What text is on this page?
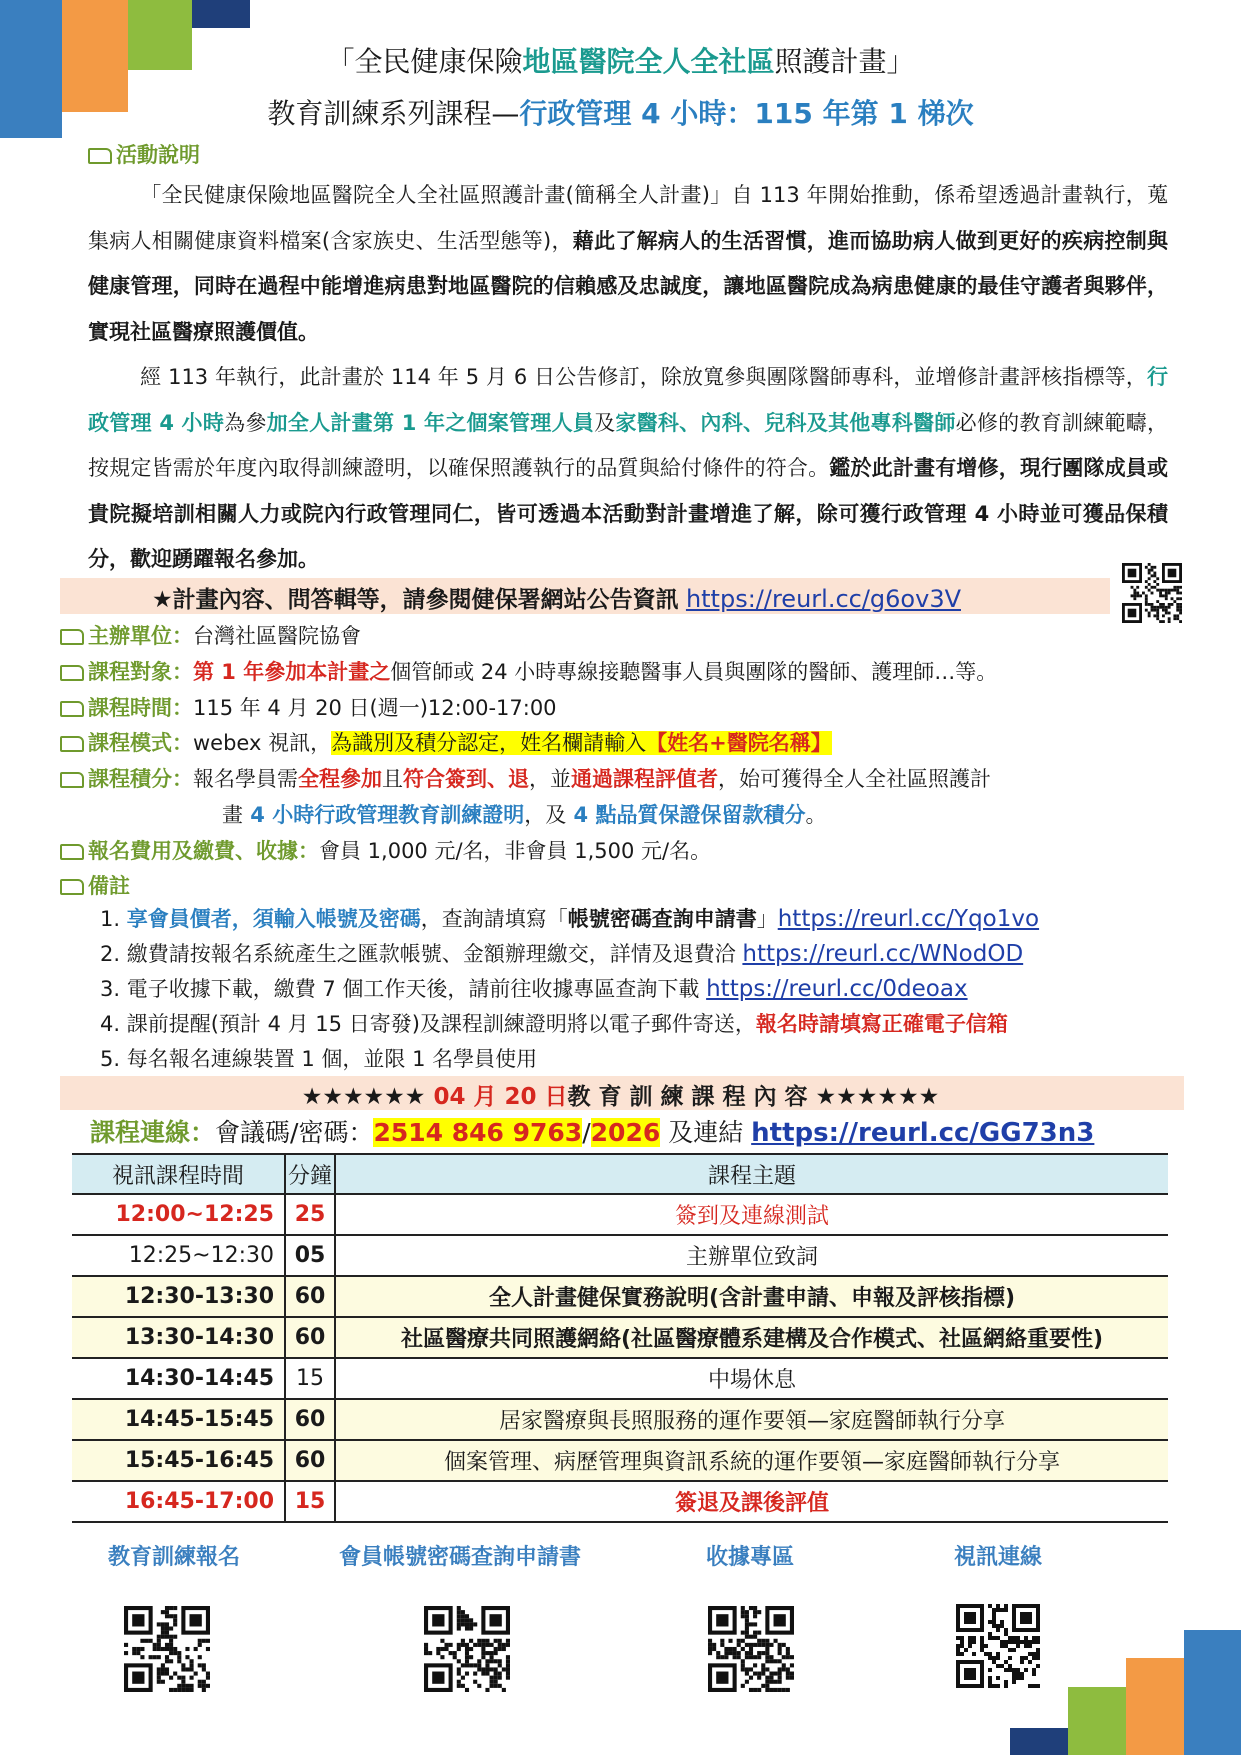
「全民健康保險地區醫院全人全社區照護計畫」
教育訓練系列課程—行政管理 4 小時：115 年第 1 梯次
活動說明
「全民健康保險地區醫院全人全社區照護計畫(簡稱全人計畫)」自 113 年開始推動，係希望透過計畫執行，蒐集病人相關健康資料檔案(含家族史、生活型態等)，藉此了解病人的生活習慣，進而協助病人做到更好的疾病控制與健康管理，同時在過程中能增進病患對地區醫院的信賴感及忠誠度，讓地區醫院成為病患健康的最佳守護者與夥伴，實現社區醫療照護價值。
經 113 年執行，此計畫於 114 年 5 月 6 日公告修訂，除放寬參與團隊醫師專科，並增修計畫評核指標等，行政管理 4 小時為參加全人計畫第 1 年之個案管理人員及家醫科、內科、兒科及其他專科醫師必修的教育訓練範疇，按規定皆需於年度內取得訓練證明，以確保照護執行的品質與給付條件的符合。鑑於此計畫有增修，現行團隊成員或貴院擬培訓相關人力或院內行政管理同仁，皆可透過本活動對計畫增進了解，除可獲行政管理 4 小時並可獲品保積分，歡迎踴躍報名參加。
★計畫內容、問答輯等，請參閱健保署網站公告資訊 https://reurl.cc/g6ov3V
主辦單位：台灣社區醫院協會
課程對象：第 1 年參加本計畫之個管師或 24 小時專線接聽醫事人員與團隊的醫師、護理師…等。
課程時間：115 年 4 月 20 日(週一)12:00-17:00
課程模式：webex 視訊，為識別及積分認定，姓名欄請輸入【姓名+醫院名稱】
課程積分：報名學員需全程參加且符合簽到、退，並通過課程評值者，始可獲得全人全社區照護計
畫 4 小時行政管理教育訓練證明，及 4 點品質保證保留款積分。
報名費用及繳費、收據：會員 1,000 元/名，非會員 1,500 元/名。
備註
1. 享會員價者，須輸入帳號及密碼，查詢請填寫「帳號密碼查詢申請書」https://reurl.cc/Yqo1vo
2. 繳費請按報名系統產生之匯款帳號、金額辦理繳交，詳情及退費洽 https://reurl.cc/WNodOD
3. 電子收據下載，繳費 7 個工作天後，請前往收據專區查詢下載 https://reurl.cc/0deoax
4. 課前提醒(預計 4 月 15 日寄發)及課程訓練證明將以電子郵件寄送，報名時請填寫正確電子信箱
5. 每名報名連線裝置 1 個，並限 1 名學員使用
★★★★★★ 04 月 20 日教 育 訓 練 課 程 內 容 ★★★★★★
課程連線：會議碼/密碼：2514 846 9763/2026 及連結 https://reurl.cc/GG73n3
視訊課程時間	分鐘	課程主題
12:00~12:25	25	簽到及連線測試
12:25~12:30	05	主辦單位致詞
12:30-13:30	60	全人計畫健保實務說明(含計畫申請、申報及評核指標)
13:30-14:30	60	社區醫療共同照護網絡(社區醫療體系建構及合作模式、社區網絡重要性)
14:30-14:45	15	中場休息
14:45-15:45	60	居家醫療與長照服務的運作要領—家庭醫師執行分享
15:45-16:45	60	個案管理、病歷管理與資訊系統的運作要領—家庭醫師執行分享
16:45-17:00	15	簽退及課後評值
教育訓練報名	會員帳號密碼查詢申請書	收據專區	視訊連線
